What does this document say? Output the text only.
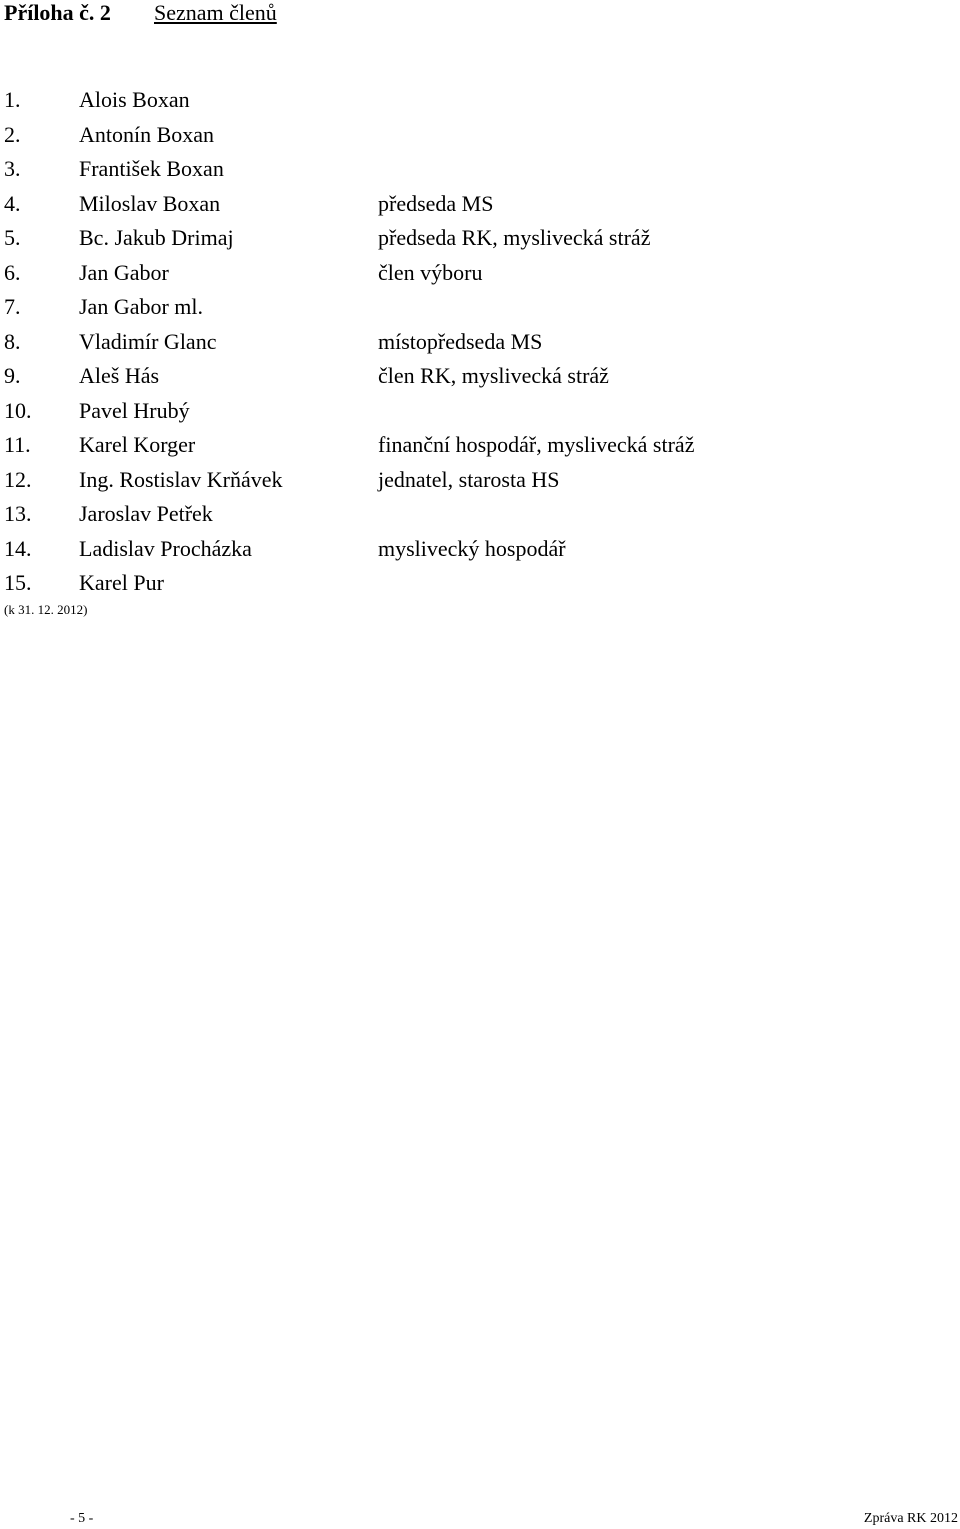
Příloha č. 2 Seznam členů
1.	Alois Boxan
2.	Antonín Boxan
3.	František Boxan
4.	Miloslav Boxan	předseda MS
5.	Bc. Jakub Drimaj	předseda RK, myslivecká stráž
6.	Jan Gabor	člen výboru
7.	Jan Gabor ml.
8.	Vladimír Glanc	místopředseda MS
9.	Aleš Hás	člen RK, myslivecká stráž
10. Pavel Hrubý
11. Karel Korger	finanční hospodář, myslivecká stráž
12. Ing. Rostislav Krňávek	jednatel, starosta HS
13. Jaroslav Petřek
14. Ladislav Procházka	myslivecký hospodář
15. Karel Pur
(k 31. 12. 2012)
- 5 -	Zpráva RK 2012
